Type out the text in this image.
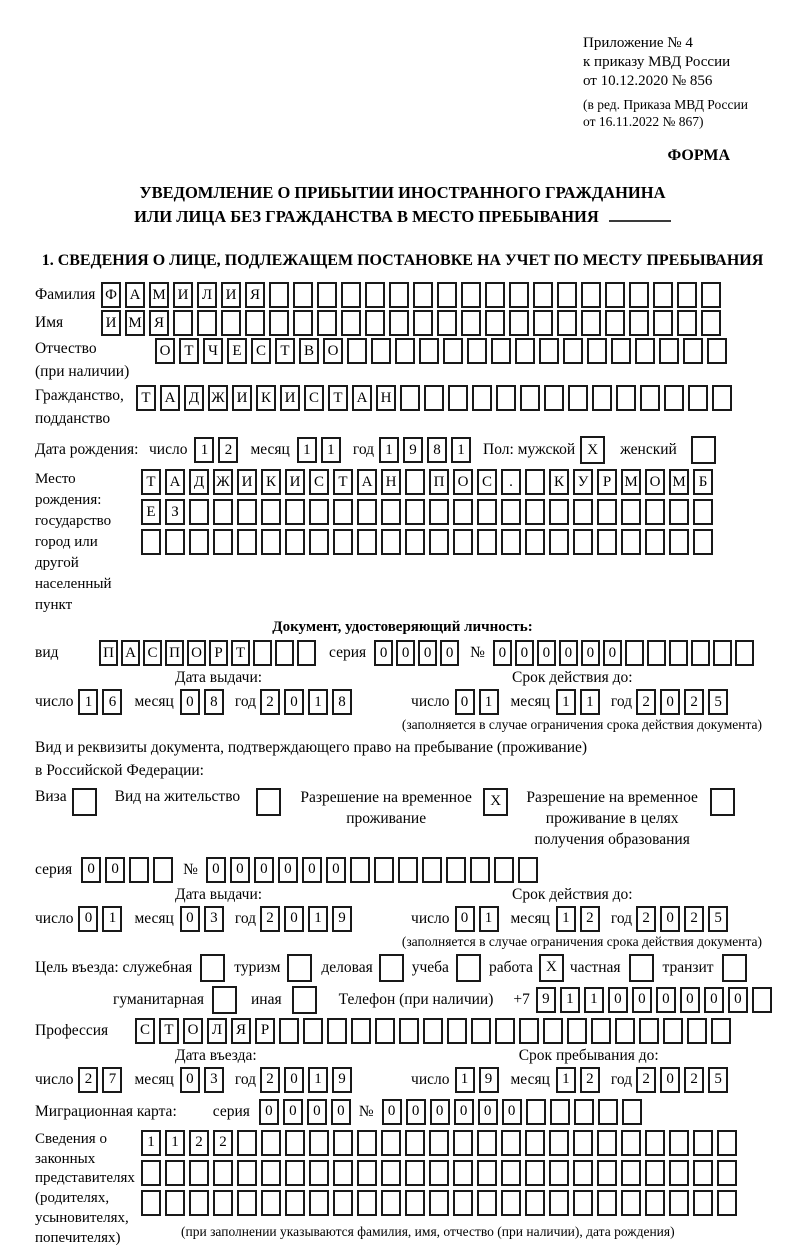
Приложение № 4
к приказу МВД России
от 10.12.2020 № 856
(в ред. Приказа МВД России
от 16.11.2022 № 867)
ФОРМА
УВЕДОМЛЕНИЕ О ПРИБЫТИИ ИНОСТРАННОГО ГРАЖДАНИНА
ИЛИ ЛИЦА БЕЗ ГРАЖДАНСТВА В МЕСТО ПРЕБЫВАНИЯ
1. СВЕДЕНИЯ О ЛИЦЕ, ПОДЛЕЖАЩЕМ ПОСТАНОВКЕ НА УЧЕТ ПО МЕСТУ ПРЕБЫВАНИЯ
Фамилия Ф А М И Л И Я
Имя	И М Я
Отчество
(при наличии)
О Т Ч Е С Т В О
Гражданство,
подданство
Т А Д Ж И К И С Т А Н
Дата рождения: число 1	2	месяц 1	1	год 1	9	8	1	Пол: мужской X	женский
Место рождения:
государство
город или другой
населенный пункт
Т А Д Ж И К И С Т А Н	П О С	.	К У Р М О М Б
Е	З
Документ, удостоверяющий личность:
вид	П А С П О Р Т	серия 0 0 0 0	№ 0 0 0 0 0 0
Дата выдачи:	Срок действия до:
число 1	6	месяц 0	8	год 2	0	1	8	число 0	1	месяц 1	1	год 2	0	2	5
(заполняется в случае ограничения срока действия документа)
Вид и реквизиты документа, подтверждающего право на пребывание (проживание)
в Российской Федерации:
Виза	Вид на жительство	Разрешение на временное
проживание
X	Разрешение на временное
проживание в целях
получения образования
серия	0	0	№ 0	0	0	0	0	0
Дата выдачи:	Срок действия до:
число 0	1	месяц 0	3	год 2	0	1	9	число 0	1	месяц 1	2	год 2	0	2	5
(заполняется в случае ограничения срока действия документа)
Цель въезда: служебная	туризм	деловая	учеба	работа X частная	транзит
гуманитарная	иная	Телефон (при наличии) +7 9	1	1	0	0	0	0	0	0
Профессия	С Т О Л Я Р
Дата въезда:	Срок пребывания до:
число 2	7	месяц 0	3	год 2	0	1	9	число 1	9	месяц 1	2	год 2	0	2	5
Миграционная карта: серия	0	0	0	0 № 0	0	0	0	0	0
Сведения о
законных
представителях
(родителях,
усыновителях,
попечителях)
1	1	2	2
(при заполнении указываются фамилия, имя, отчество (при наличии), дата рождения)
